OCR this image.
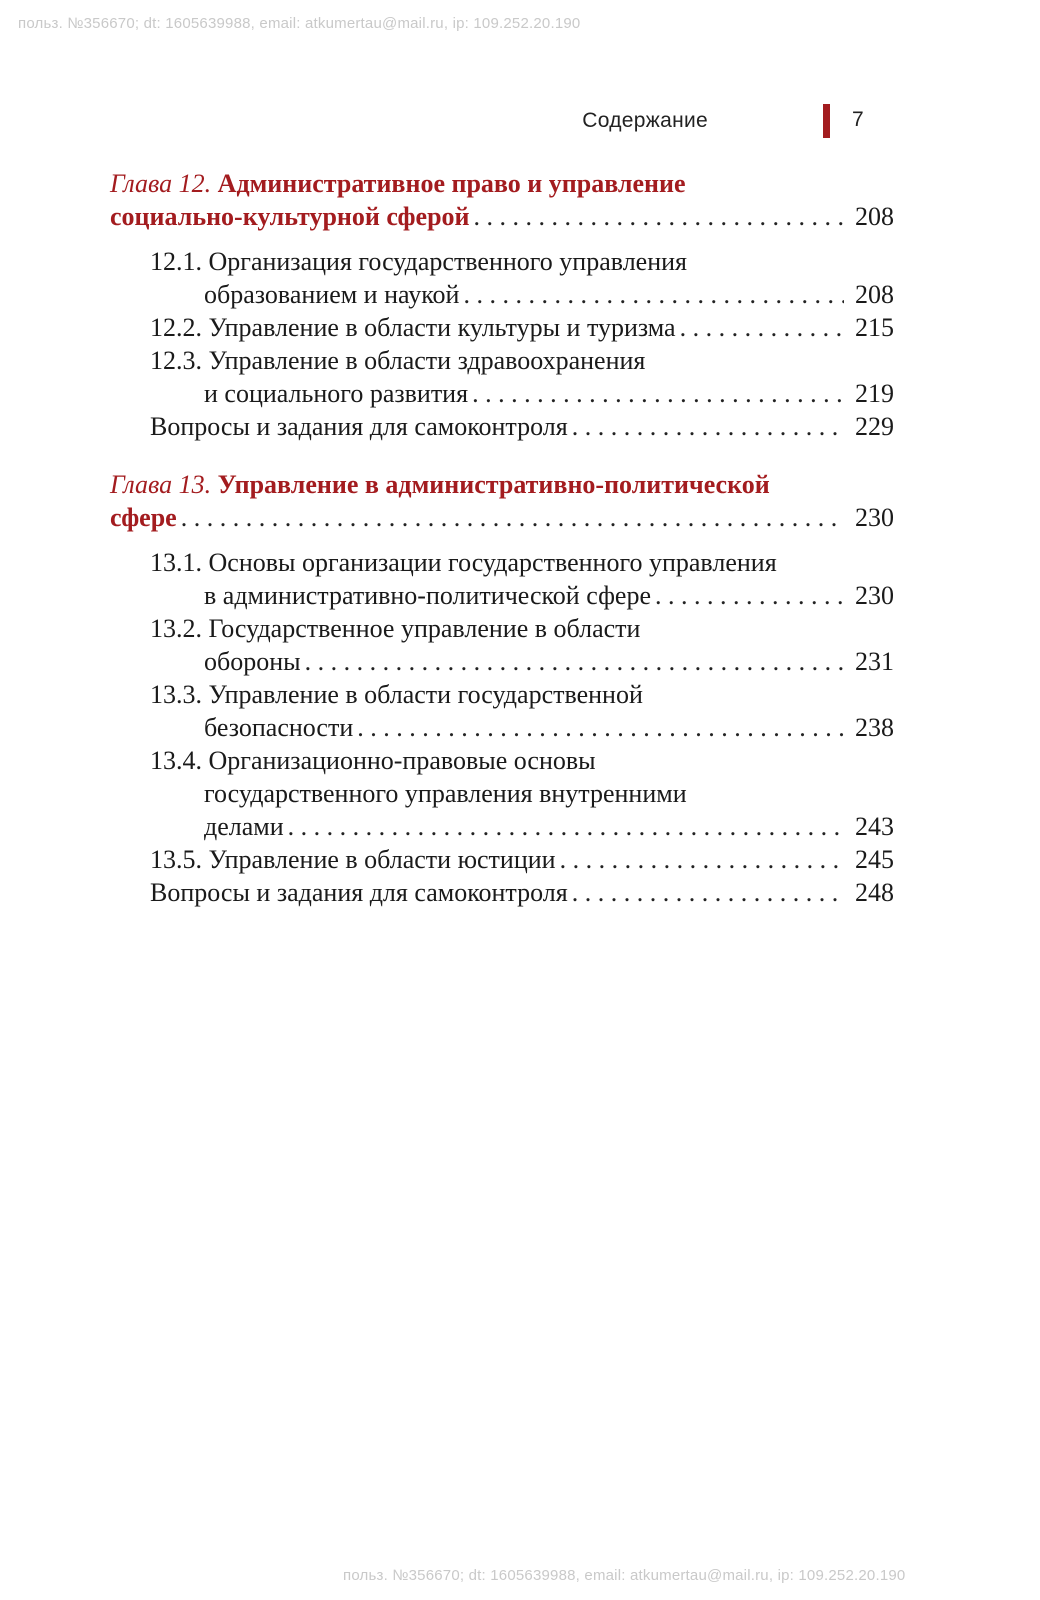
польз. №356670; dt: 1605639988, email: atkumertau@mail.ru, ip: 109.252.20.190
Содержание	7
Глава 12. Административное право и управление
социально-культурной сферой . . .	208
12.1. Организация государственного управления
образованием и наукой . . .	208
12.2. Управление в области культуры и туризма . . .	215
12.3. Управление в области здравоохранения
и социального развития . . .	219
Вопросы и задания для самоконтроля . . .	229
Глава 13. Управление в административно-политической
сфере . . .	230
13.1. Основы организации государственного управления
в административно-политической сфере . . .	230
13.2. Государственное управление в области
обороны . . .	231
13.3. Управление в области государственной
безопасности . . .	238
13.4. Организационно-правовые основы
государственного управления внутренними
делами . . .	243
13.5. Управление в области юстиции . . .	245
Вопросы и задания для самоконтроля . . .	248
польз. №356670; dt: 1605639988, email: atkumertau@mail.ru, ip: 109.252.20.190
